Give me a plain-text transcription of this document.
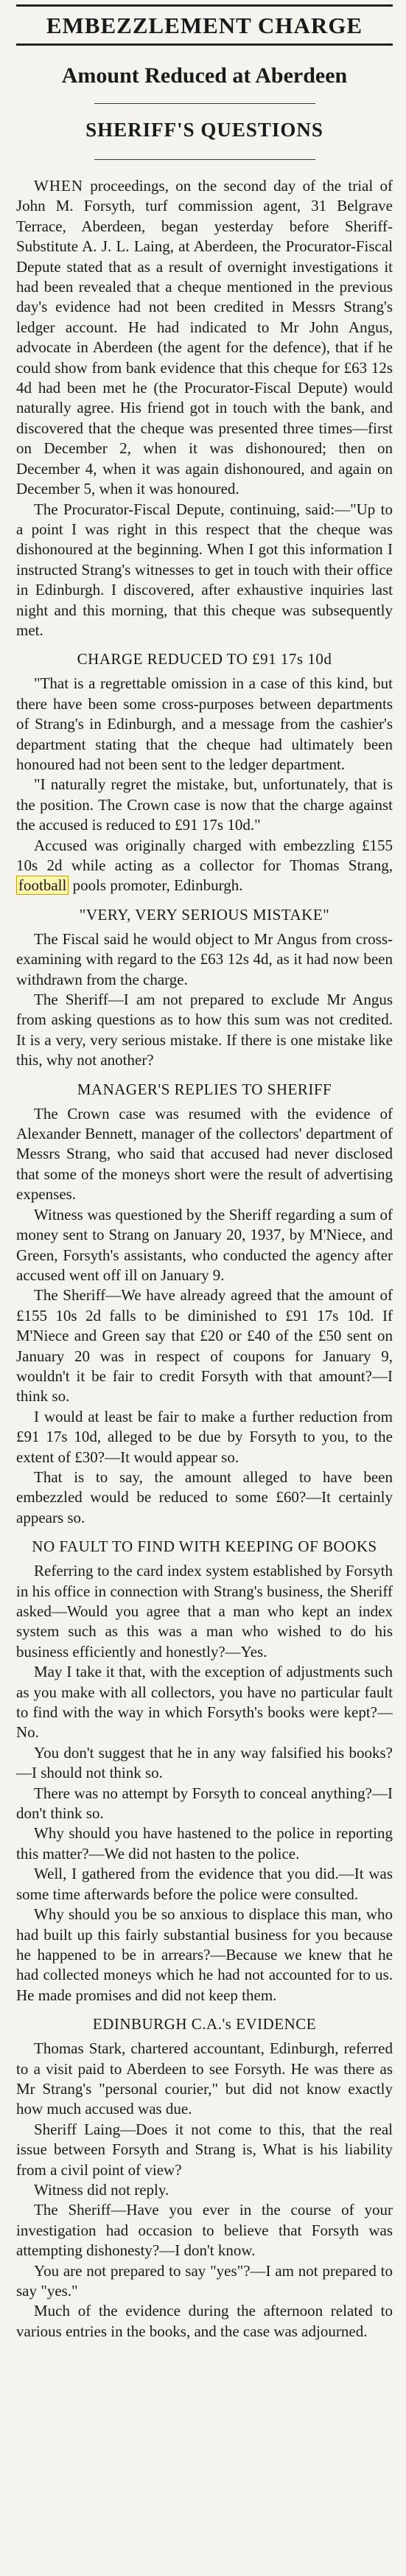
EMBEZZLEMENT CHARGE
Amount Reduced at Aberdeen
SHERIFF'S QUESTIONS

WHEN proceedings, on the second day of the trial of John M. Forsyth, turf commission agent, 31 Belgrave Terrace, Aberdeen, began yesterday before Sheriff-Substitute A. J. L. Laing, at Aberdeen, the Procurator-Fiscal Depute stated that as a result of overnight investigations it had been revealed that a cheque mentioned in the previous day's evidence had not been credited in Messrs Strang's ledger account. He had indicated to Mr John Angus, advocate in Aberdeen (the agent for the defence), that if he could show from bank evidence that this cheque for £63 12s 4d had been met he (the Procurator-Fiscal Depute) would naturally agree. His friend got in touch with the bank, and discovered that the cheque was presented three times—first on December 2, when it was dishonoured; then on December 4, when it was again dishonoured, and again on December 5, when it was honoured.

The Procurator-Fiscal Depute, continuing, said:—"Up to a point I was right in this respect that the cheque was dishonoured at the beginning. When I got this information I instructed Strang's witnesses to get in touch with their office in Edinburgh. I discovered, after exhaustive inquiries last night and this morning, that this cheque was subsequently met.

CHARGE REDUCED TO £91 17s 10d

"That is a regrettable omission in a case of this kind, but there have been some cross-purposes between departments of Strang's in Edinburgh, and a message from the cashier's department stating that the cheque had ultimately been honoured had not been sent to the ledger department.

"I naturally regret the mistake, but, unfortunately, that is the position. The Crown case is now that the charge against the accused is reduced to £91 17s 10d."

Accused was originally charged with embezzling £155 10s 2d while acting as a collector for Thomas Strang, football pools promoter, Edinburgh.

"VERY, VERY SERIOUS MISTAKE"

The Fiscal said he would object to Mr Angus from cross-examining with regard to the £63 12s 4d, as it had now been withdrawn from the charge.

The Sheriff—I am not prepared to exclude Mr Angus from asking questions as to how this sum was not credited. It is a very, very serious mistake. If there is one mistake like this, why not another?

MANAGER'S REPLIES TO SHERIFF

The Crown case was resumed with the evidence of Alexander Bennett, manager of the collectors' department of Messrs Strang, who said that accused had never disclosed that some of the moneys short were the result of advertising expenses.

Witness was questioned by the Sheriff regarding a sum of money sent to Strang on January 20, 1937, by M'Niece, and Green, Forsyth's assistants, who conducted the agency after accused went off ill on January 9.

The Sheriff—We have already agreed that the amount of £155 10s 2d falls to be diminished to £91 17s 10d. If M'Niece and Green say that £20 or £40 of the £50 sent on January 20 was in respect of coupons for January 9, wouldn't it be fair to credit Forsyth with that amount?—I think so.

I would at least be fair to make a further reduction from £91 17s 10d, alleged to be due by Forsyth to you, to the extent of £30?—It would appear so.

That is to say, the amount alleged to have been embezzled would be reduced to some £60?—It certainly appears so.

NO FAULT TO FIND WITH KEEPING OF BOOKS

Referring to the card index system established by Forsyth in his office in connection with Strang's business, the Sheriff asked—Would you agree that a man who kept an index system such as this was a man who wished to do his business efficiently and honestly?—Yes.

May I take it that, with the exception of adjustments such as you make with all collectors, you have no particular fault to find with the way in which Forsyth's books were kept?—No.

You don't suggest that he in any way falsified his books?—I should not think so.

There was no attempt by Forsyth to conceal anything?—I don't think so.

Why should you have hastened to the police in reporting this matter?—We did not hasten to the police.

Well, I gathered from the evidence that you did.—It was some time afterwards before the police were consulted.

Why should you be so anxious to displace this man, who had built up this fairly substantial business for you because he happened to be in arrears?—Because we knew that he had collected moneys which he had not accounted for to us. He made promises and did not keep them.

EDINBURGH C.A.'s EVIDENCE

Thomas Stark, chartered accountant, Edinburgh, referred to a visit paid to Aberdeen to see Forsyth. He was there as Mr Strang's "personal courier," but did not know exactly how much accused was due.

Sheriff Laing—Does it not come to this, that the real issue between Forsyth and Strang is, What is his liability from a civil point of view?

Witness did not reply.

The Sheriff—Have you ever in the course of your investigation had occasion to believe that Forsyth was attempting dishonesty?—I don't know.

You are not prepared to say "yes"?—I am not prepared to say "yes."

Much of the evidence during the afternoon related to various entries in the books, and the case was adjourned.
